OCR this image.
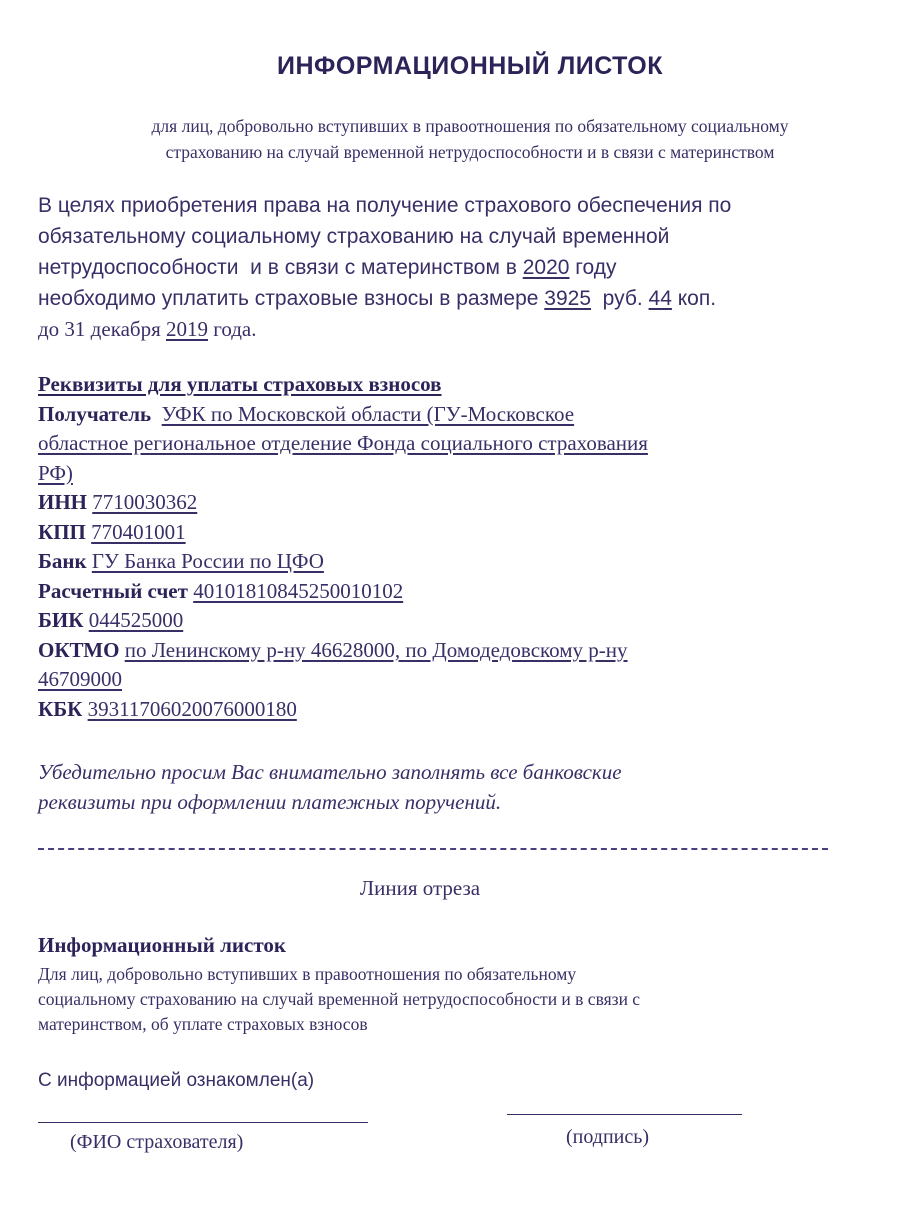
ИНФОРМАЦИОННЫЙ ЛИСТОК
для лиц, добровольно вступивших в правоотношения по обязательному социальному
страхованию на случай временной нетрудоспособности и в связи с материнством
В целях приобретения права на получение страхового обеспечения по
обязательному социальному страхованию на случай временной
нетрудоспособности  и в связи с материнством в 2020 году
необходимо уплатить страховые взносы в размере 3925  руб. 44 коп.
до 31 декабря 2019 года.
Реквизиты для уплаты страховых взносов
Получатель УФК по Московской области (ГУ-Московское
областное региональное отделение Фонда социального страхования
РФ)
ИНН 7710030362
КПП 770401001
Банк ГУ Банка России по ЦФО
Расчетный счет 40101810845250010102
БИК 044525000
ОКТМО по Ленинскому р-ну 46628000, по Домодедовскому р-ну
46709000
КБК 39311706020076000180
Убедительно просим Вас внимательно заполнять все банковские
реквизиты при оформлении платежных поручений.
Линия отреза
Информационный листок
Для лиц, добровольно вступивших в правоотношения по обязательному
социальному страхованию на случай временной нетрудоспособности и в связи с
материнством, об уплате страховых взносов
С информацией ознакомлен(а)
(ФИО страхователя)	(подпись)
